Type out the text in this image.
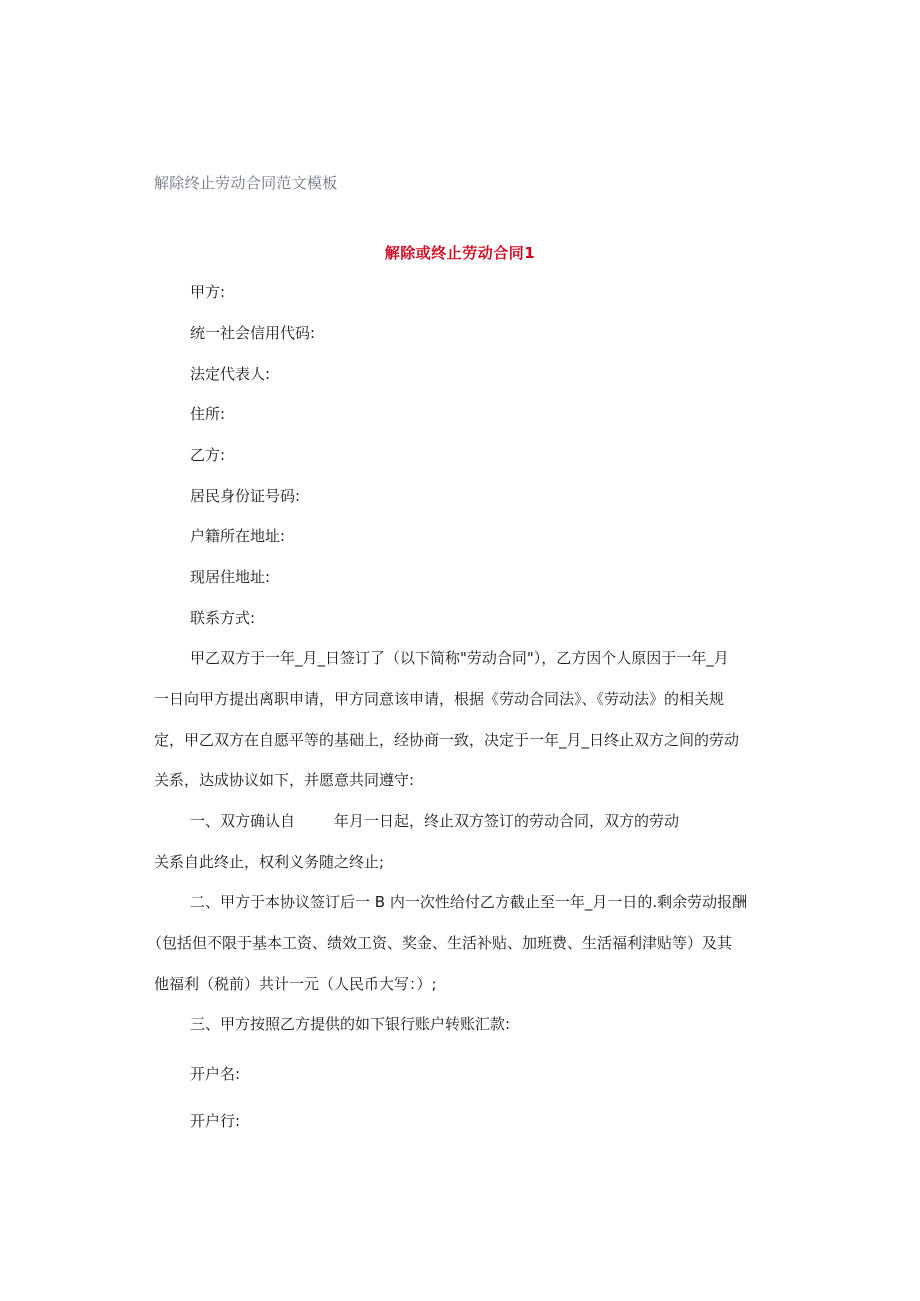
解除终止劳动合同范文模板
解除或终止劳动合同1
甲方:
统一社会信用代码:
法定代表人:
住所:
乙方:
居民身份证号码:
户籍所在地址:
现居住地址:
联系方式:
甲乙双方于一年_月_日签订了（以下简称"劳动合同"），乙方因个人原因于一年_月
一日向甲方提出离职申请，甲方同意该申请，根据《劳动合同法》、《劳动法》的相关规
定，甲乙双方在自愿平等的基础上，经协商一致，决定于一年_月_日终止双方之间的劳动
关系，达成协议如下，并愿意共同遵守:
一、双方确认自	年月一日起，终止双方签订的劳动合同，双方的劳动
关系自此终止，权利义务随之终止;
二、甲方于本协议签订后一 B 内一次性给付乙方截止至一年_月一日的.剩余劳动报酬
（包括但不限于基本工资、绩效工资、奖金、生活补贴、加班费、生活福利津贴等）及其
他福利（税前）共计一元（人民币大写：）;
三、甲方按照乙方提供的如下银行账户转账汇款:
开户名:
开户行:
